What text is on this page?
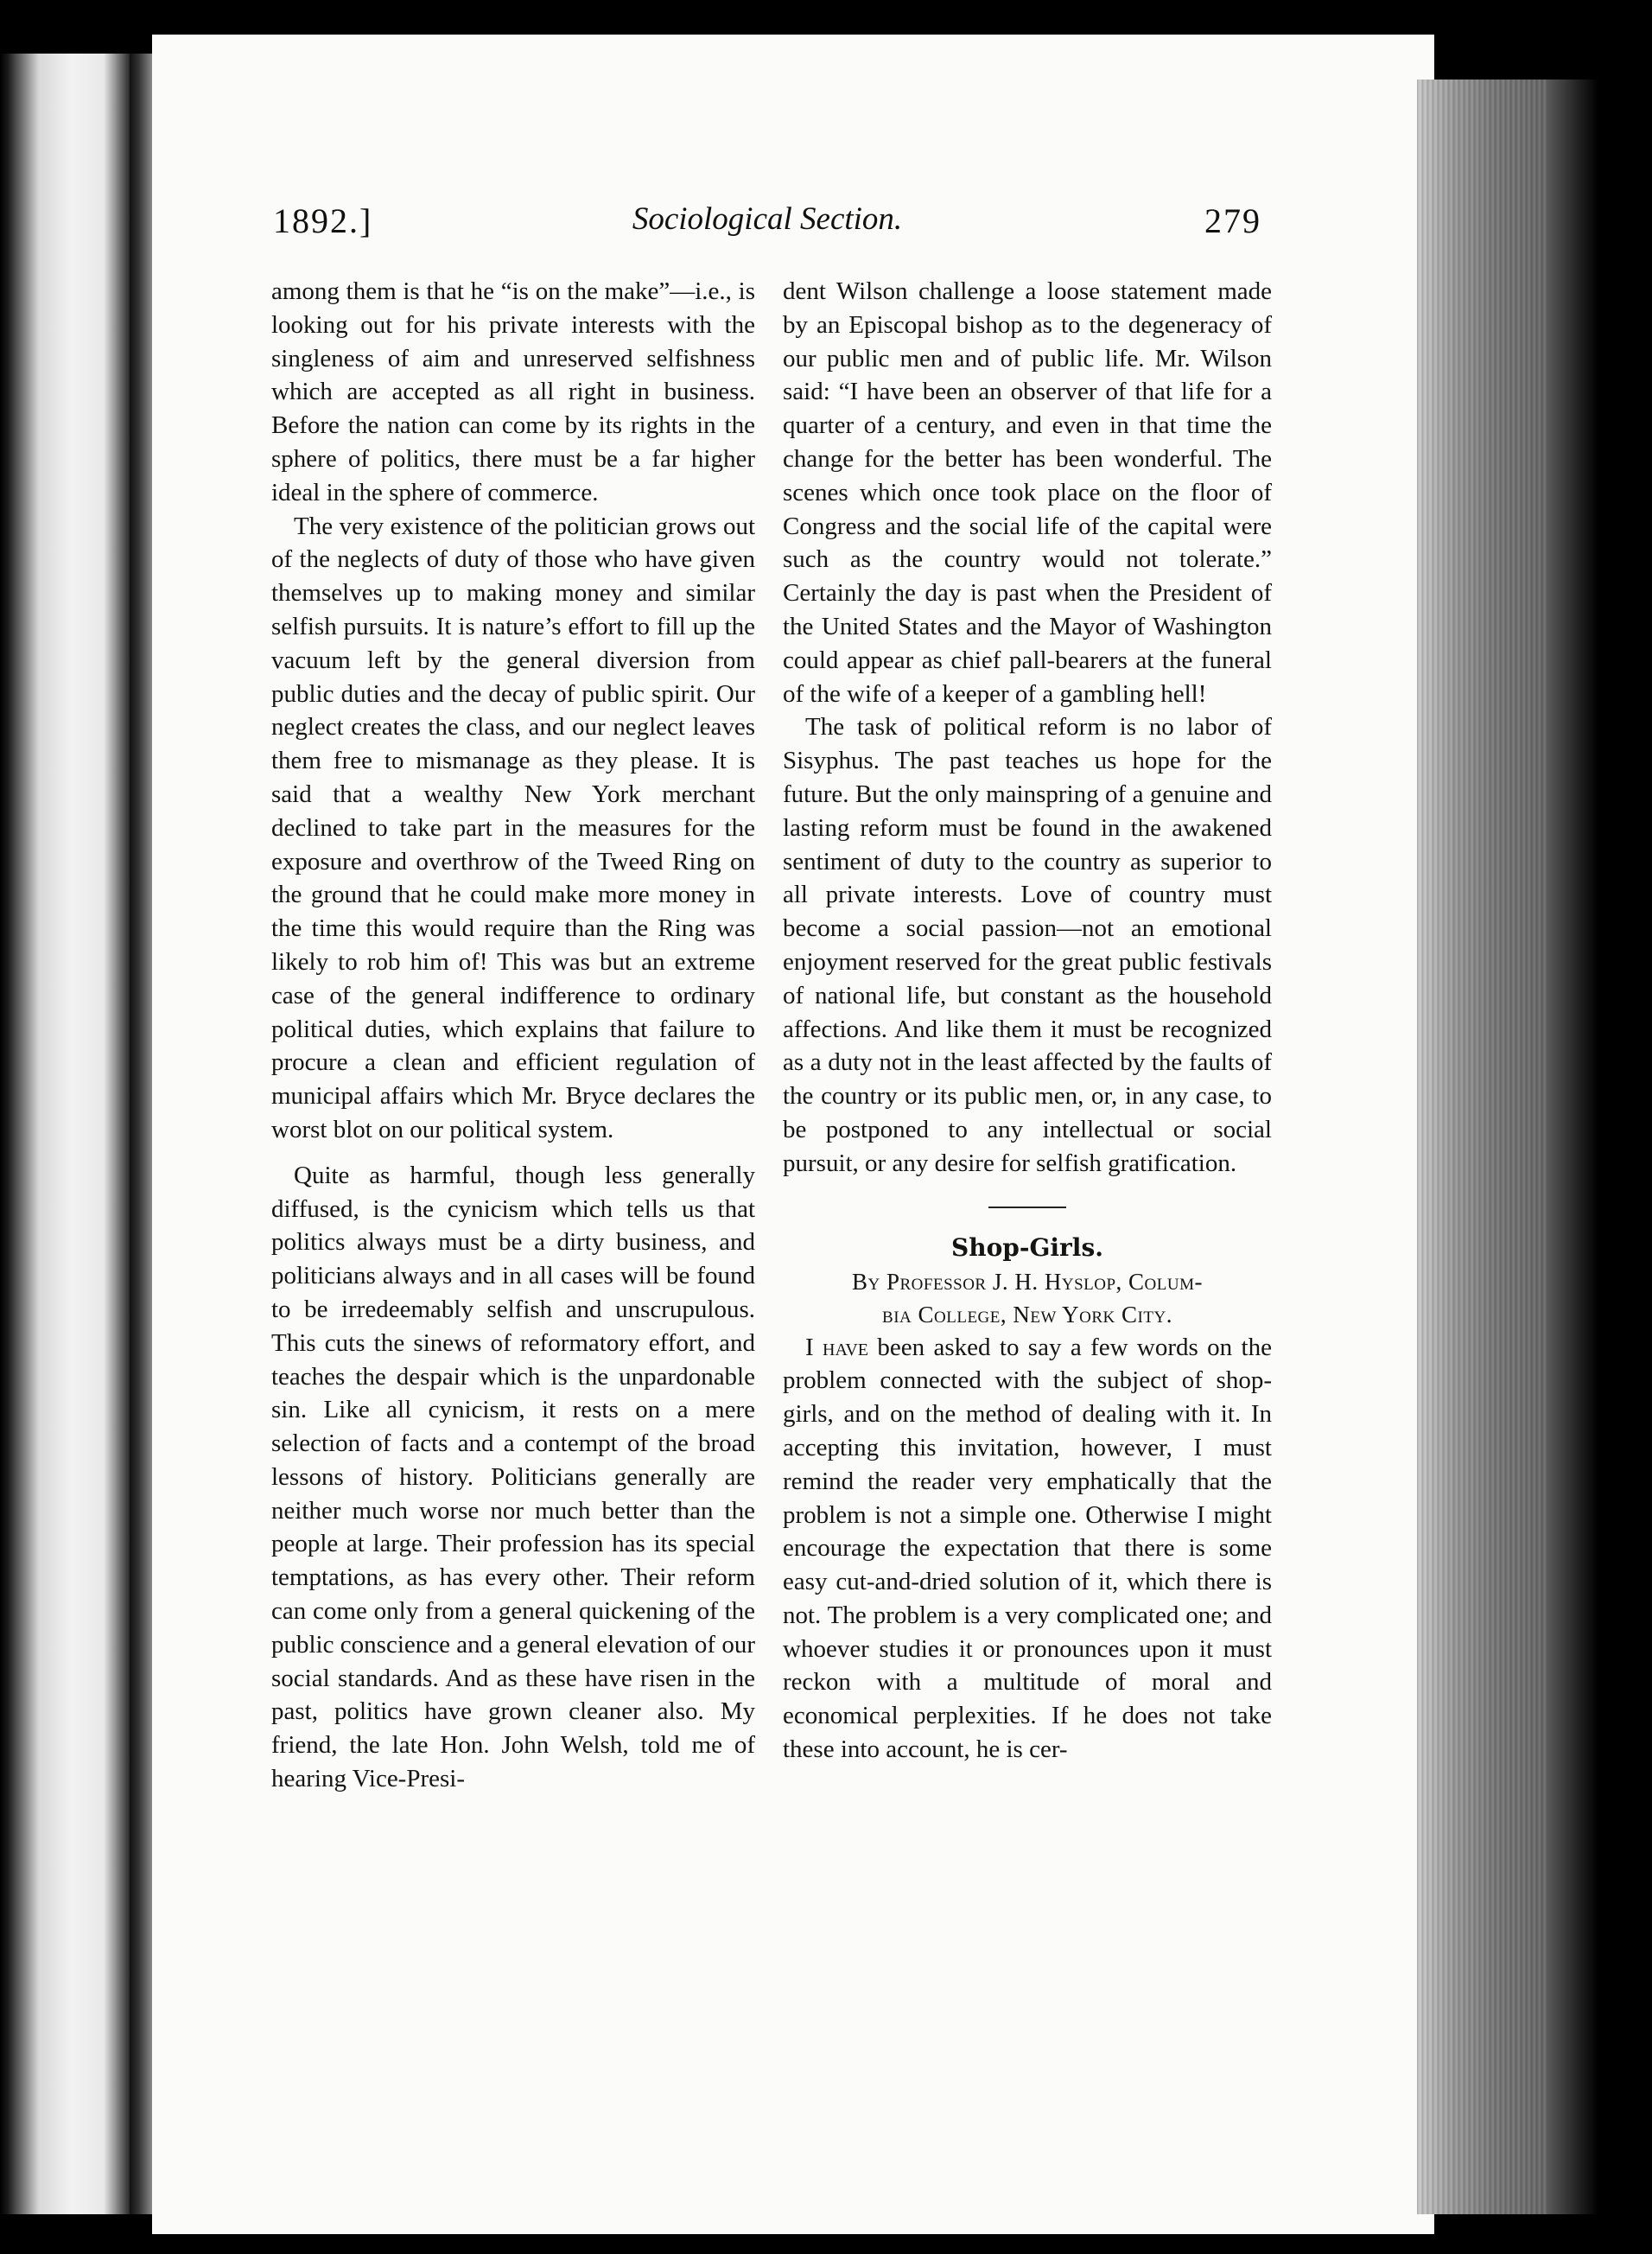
Sociological Section.
1892.]	279

among them is that he “is on the make”—i.e., is looking out for his private interests with the singleness of aim and unreserved selfishness which are accepted as all right in business. Before the nation can come by its rights in the sphere of politics, there must be a far higher ideal in the sphere of commerce.

The very existence of the politician grows out of the neglects of duty of those who have given themselves up to making money and similar selfish pursuits. It is nature’s effort to fill up the vacuum left by the general diversion from public duties and the decay of public spirit. Our neglect creates the class, and our neglect leaves them free to mismanage as they please. It is said that a wealthy New York merchant declined to take part in the measures for the exposure and overthrow of the Tweed Ring on the ground that he could make more money in the time this would require than the Ring was likely to rob him of! This was but an extreme case of the general indifference to ordinary political duties, which explains that failure to procure a clean and efficient regulation of municipal affairs which Mr. Bryce declares the worst blot on our political system.

Quite as harmful, though less generally diffused, is the cynicism which tells us that politics always must be a dirty business, and politicians always and in all cases will be found to be irredeemably selfish and unscrupulous. This cuts the sinews of reformatory effort, and teaches the despair which is the unpardonable sin. Like all cynicism, it rests on a mere selection of facts and a contempt of the broad lessons of history. Politicians generally are neither much worse nor much better than the people at large. Their profession has its special temptations, as has every other. Their reform can come only from a general quickening of the public conscience and a general elevation of our social standards. And as these have risen in the past, politics have grown cleaner also. My friend, the late Hon. John Welsh, told me of hearing Vice-Presi-

dent Wilson challenge a loose statement made by an Episcopal bishop as to the degeneracy of our public men and of public life. Mr. Wilson said: “I have been an observer of that life for a quarter of a century, and even in that time the change for the better has been wonderful. The scenes which once took place on the floor of Congress and the social life of the capital were such as the country would not tolerate.” Certainly the day is past when the President of the United States and the Mayor of Washington could appear as chief pall-bearers at the funeral of the wife of a keeper of a gambling hell!

The task of political reform is no labor of Sisyphus. The past teaches us hope for the future. But the only mainspring of a genuine and lasting reform must be found in the awakened sentiment of duty to the country as superior to all private interests. Love of country must become a social passion—not an emotional enjoyment reserved for the great public festivals of national life, but constant as the household affections. And like them it must be recognized as a duty not in the least affected by the faults of the country or its public men, or, in any case, to be postponed to any intellectual or social pursuit, or any desire for selfish gratification.

Shop-Girls.

By Professor J. H. Hyslop, Colum-

bia College, New York City.

I have been asked to say a few words on the problem connected with the subject of shop-girls, and on the method of dealing with it. In accepting this invitation, however, I must remind the reader very emphatically that the problem is not a simple one. Otherwise I might encourage the expectation that there is some easy cut-and-dried solution of it, which there is not. The problem is a very complicated one; and whoever studies it or pronounces upon it must reckon with a multitude of moral and economical perplexities. If he does not take these into account, he is cer-
